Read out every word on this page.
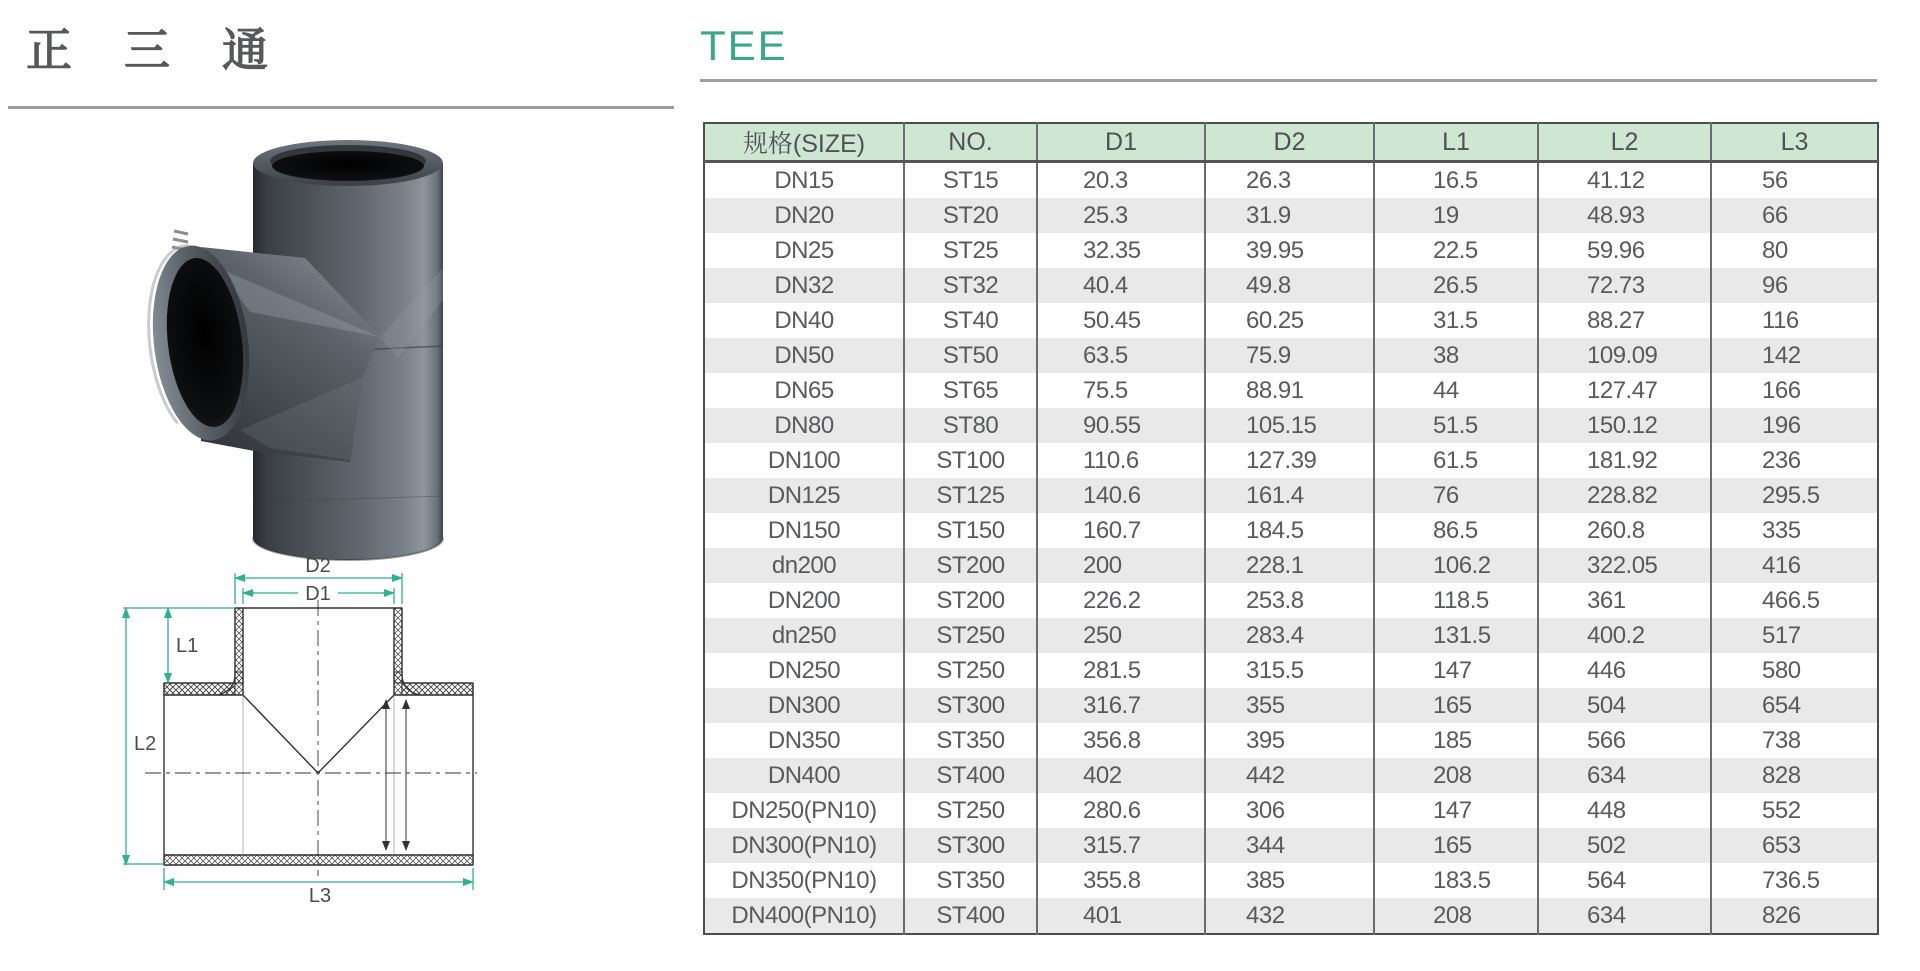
正 三 通	TEE
D2
D1
L1
L2
L3
规格(SIZE)	NO.	D1	D2	L1	L2	L3
DN15	ST15	20.3	26.3	16.5	41.12	56
DN20	ST20	25.3	31.9	19	48.93	66
DN25	ST25	32.35	39.95	22.5	59.96	80
DN32	ST32	40.4	49.8	26.5	72.73	96
DN40	ST40	50.45	60.25	31.5	88.27	116
DN50	ST50	63.5	75.9	38	109.09	142
DN65	ST65	75.5	88.91	44	127.47	166
DN80	ST80	90.55	105.15	51.5	150.12	196
DN100	ST100	110.6	127.39	61.5	181.92	236
DN125	ST125	140.6	161.4	76	228.82	295.5
DN150	ST150	160.7	184.5	86.5	260.8	335
dn200	ST200	200	228.1	106.2	322.05	416
DN200	ST200	226.2	253.8	118.5	361	466.5
dn250	ST250	250	283.4	131.5	400.2	517
DN250	ST250	281.5	315.5	147	446	580
DN300	ST300	316.7	355	165	504	654
DN350	ST350	356.8	395	185	566	738
DN400	ST400	402	442	208	634	828
DN250(PN10)	ST250	280.6	306	147	448	552
DN300(PN10)	ST300	315.7	344	165	502	653
DN350(PN10)	ST350	355.8	385	183.5	564	736.5
DN400(PN10)	ST400	401	432	208	634	826
